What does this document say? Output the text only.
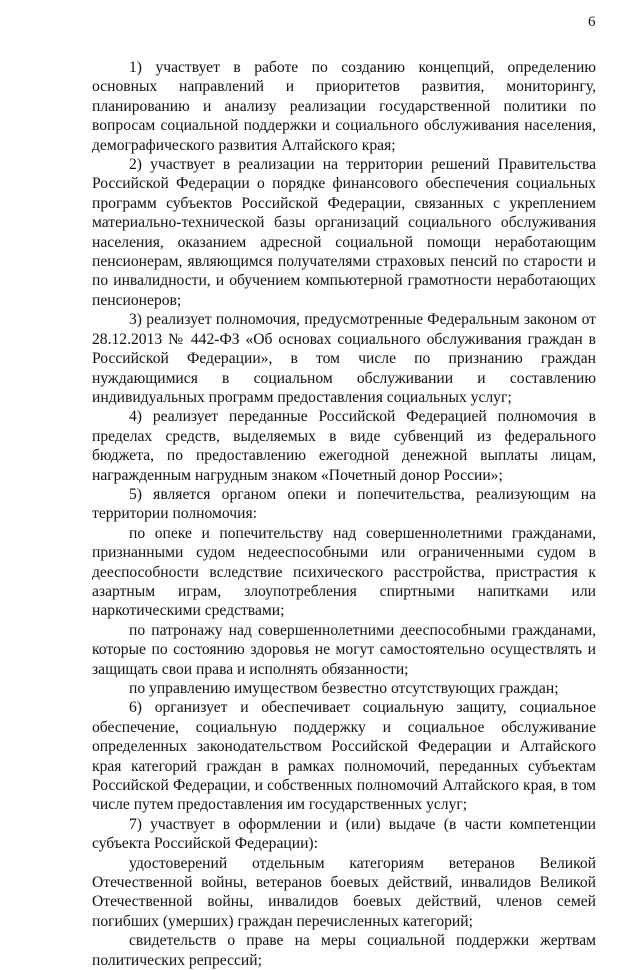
6

1) участвует в работе по созданию концепций, определению основных направлений и приоритетов развития, мониторингу, планированию и анализу реализации государственной политики по вопросам социальной поддержки и социального обслуживания населения, демографического развития Алтайского края;

2) участвует в реализации на территории решений Правительства Российской Федерации о порядке финансового обеспечения социальных программ субъектов Российской Федерации, связанных с укреплением материально-технической базы организаций социального обслуживания населения, оказанием адресной социальной помощи неработающим пенсионерам, являющимся получателями страховых пенсий по старости и по инвалидности, и обучением компьютерной грамотности неработающих пенсионеров;

3) реализует полномочия, предусмотренные Федеральным законом от 28.12.2013 № 442-ФЗ «Об основах социального обслуживания граждан в Российской Федерации», в том числе по признанию граждан нуждающимися в социальном обслуживании и составлению индивидуальных программ предоставления социальных услуг;

4) реализует переданные Российской Федерацией полномочия в пределах средств, выделяемых в виде субвенций из федерального бюджета, по предоставлению ежегодной денежной выплаты лицам, награжденным нагрудным знаком «Почетный донор России»;

5) является органом опеки и попечительства, реализующим на территории полномочия:

по опеке и попечительству над совершеннолетними гражданами, признанными судом недееспособными или ограниченными судом в дееспособности вследствие психического расстройства, пристрастия к азартным играм, злоупотребления спиртными напитками или наркотическими средствами;

по патронажу над совершеннолетними дееспособными гражданами, которые по состоянию здоровья не могут самостоятельно осуществлять и защищать свои права и исполнять обязанности;

по управлению имуществом безвестно отсутствующих граждан;

6) организует и обеспечивает социальную защиту, социальное обеспечение, социальную поддержку и социальное обслуживание определенных законодательством Российской Федерации и Алтайского края категорий граждан в рамках полномочий, переданных субъектам Российской Федерации, и собственных полномочий Алтайского края, в том числе путем предоставления им государственных услуг;

7) участвует в оформлении и (или) выдаче (в части компетенции субъекта Российской Федерации):

удостоверений отдельным категориям ветеранов Великой Отечественной войны, ветеранов боевых действий, инвалидов Великой Отечественной войны, инвалидов боевых действий, членов семей погибших (умерших) граждан перечисленных категорий;

свидетельств о праве на меры социальной поддержки жертвам политических репрессий;
